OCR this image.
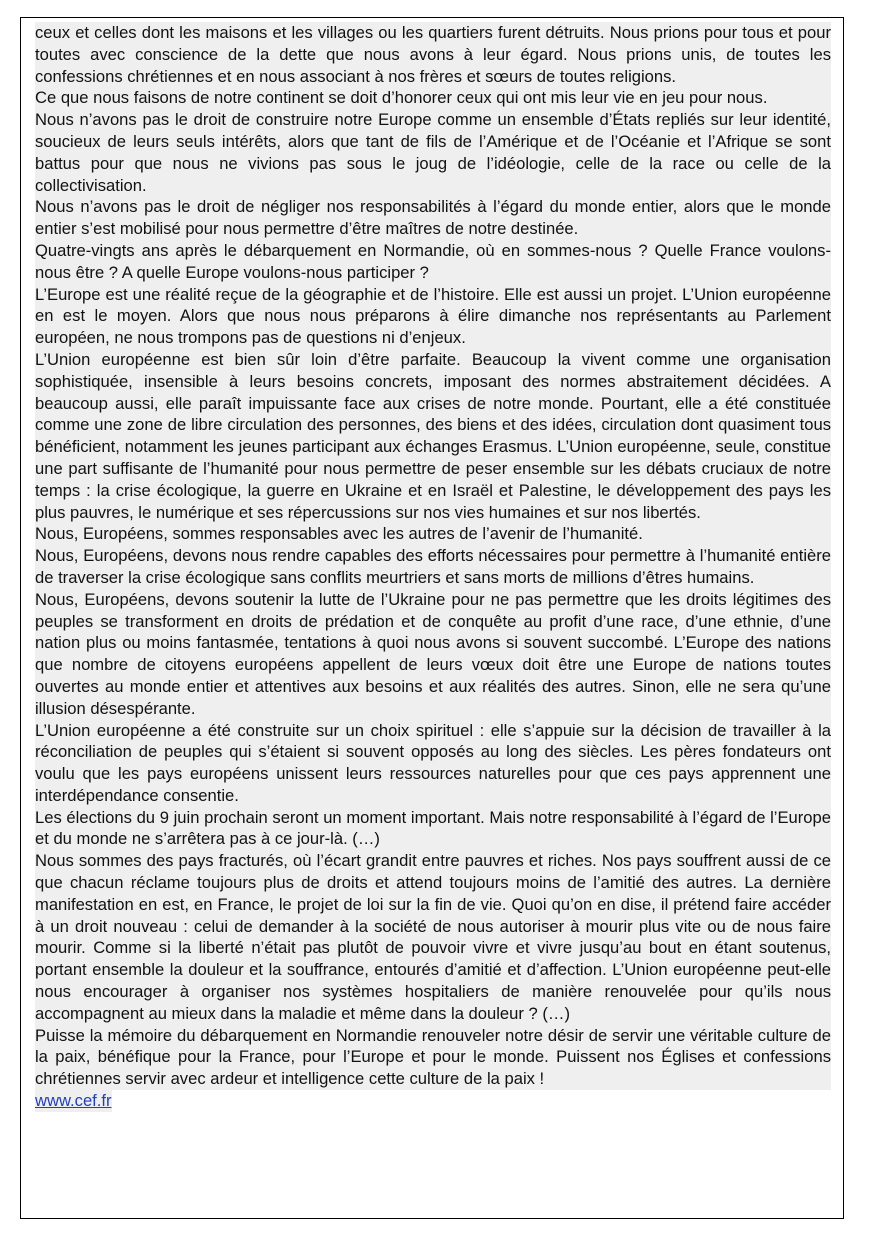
ceux et celles dont les maisons et les villages ou les quartiers furent détruits. Nous prions pour tous et pour toutes avec conscience de la dette que nous avons à leur égard. Nous prions unis, de toutes les confessions chrétiennes et en nous associant à nos frères et sœurs de toutes religions.

Ce que nous faisons de notre continent se doit d’honorer ceux qui ont mis leur vie en jeu pour nous.

Nous n’avons pas le droit de construire notre Europe comme un ensemble d’États repliés sur leur identité, soucieux de leurs seuls intérêts, alors que tant de fils de l’Amérique et de l’Océanie et l’Afrique se sont battus pour que nous ne vivions pas sous le joug de l’idéologie, celle de la race ou celle de la collectivisation.

Nous n’avons pas le droit de négliger nos responsabilités à l’égard du monde entier, alors que le monde entier s’est mobilisé pour nous permettre d’être maîtres de notre destinée.

Quatre-vingts ans après le débarquement en Normandie, où en sommes-nous ? Quelle France voulons-nous être ? A quelle Europe voulons-nous participer ?

L’Europe est une réalité reçue de la géographie et de l’histoire. Elle est aussi un projet. L’Union européenne en est le moyen. Alors que nous nous préparons à élire dimanche nos représentants au Parlement européen, ne nous trompons pas de questions ni d’enjeux.

L’Union européenne est bien sûr loin d’être parfaite. Beaucoup la vivent comme une organisation sophistiquée, insensible à leurs besoins concrets, imposant des normes abstraitement décidées. A beaucoup aussi, elle paraît impuissante face aux crises de notre monde. Pourtant, elle a été constituée comme une zone de libre circulation des personnes, des biens et des idées, circulation dont quasiment tous bénéficient, notamment les jeunes participant aux échanges Erasmus. L’Union européenne, seule, constitue une part suffisante de l’humanité pour nous permettre de peser ensemble sur les débats cruciaux de notre temps : la crise écologique, la guerre en Ukraine et en Israël et Palestine, le développement des pays les plus pauvres, le numérique et ses répercussions sur nos vies humaines et sur nos libertés.

Nous, Européens, sommes responsables avec les autres de l’avenir de l’humanité.

Nous, Européens, devons nous rendre capables des efforts nécessaires pour permettre à l’humanité entière de traverser la crise écologique sans conflits meurtriers et sans morts de millions d’êtres humains.

Nous, Européens, devons soutenir la lutte de l’Ukraine pour ne pas permettre que les droits légitimes des peuples se transforment en droits de prédation et de conquête au profit d’une race, d’une ethnie, d’une nation plus ou moins fantasmée, tentations à quoi nous avons si souvent succombé. L’Europe des nations que nombre de citoyens européens appellent de leurs vœux doit être une Europe de nations toutes ouvertes au monde entier et attentives aux besoins et aux réalités des autres. Sinon, elle ne sera qu’une illusion désespérante.

L’Union européenne a été construite sur un choix spirituel : elle s’appuie sur la décision de travailler à la réconciliation de peuples qui s’étaient si souvent opposés au long des siècles. Les pères fondateurs ont voulu que les pays européens unissent leurs ressources naturelles pour que ces pays apprennent une interdépendance consentie.

Les élections du 9 juin prochain seront un moment important. Mais notre responsabilité à l’égard de l’Europe et du monde ne s’arrêtera pas à ce jour-là. (…)

Nous sommes des pays fracturés, où l’écart grandit entre pauvres et riches. Nos pays souffrent aussi de ce que chacun réclame toujours plus de droits et attend toujours moins de l’amitié des autres. La dernière manifestation en est, en France, le projet de loi sur la fin de vie. Quoi qu’on en dise, il prétend faire accéder à un droit nouveau : celui de demander à la société de nous autoriser à mourir plus vite ou de nous faire mourir. Comme si la liberté n’était pas plutôt de pouvoir vivre et vivre jusqu’au bout en étant soutenus, portant ensemble la douleur et la souffrance, entourés d’amitié et d’affection. L’Union européenne peut-elle nous encourager à organiser nos systèmes hospitaliers de manière renouvelée pour qu’ils nous accompagnent au mieux dans la maladie et même dans la douleur ? (…)

Puisse la mémoire du débarquement en Normandie renouveler notre désir de servir une véritable culture de la paix, bénéfique pour la France, pour l’Europe et pour le monde. Puissent nos Églises et confessions chrétiennes servir avec ardeur et intelligence cette culture de la paix !

www.cef.fr
